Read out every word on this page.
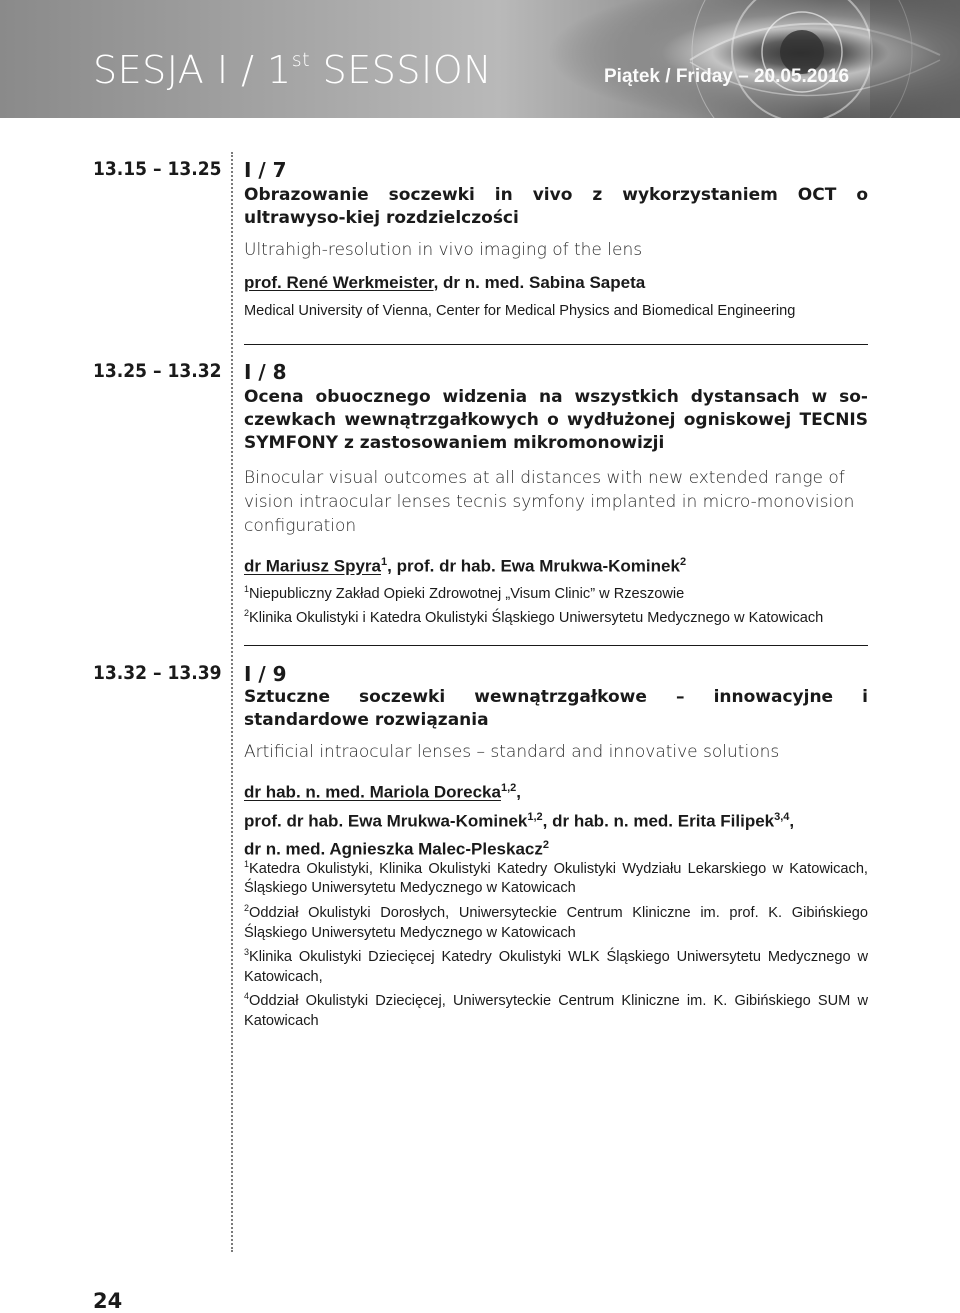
SESJA I / 1st SESSION	Piątek / Friday – 20.05.2016
13.15 – 13.25 I / 7
Obrazowanie soczewki in vivo z wykorzystaniem OCT o ultrawyso-kiej rozdzielczości
Ultrahigh-resolution in vivo imaging of the lens
prof. René Werkmeister, dr n. med. Sabina Sapeta
Medical University of Vienna, Center for Medical Physics and Biomedical Engineering
13.25 – 13.32 I / 8
Ocena obuocznego widzenia na wszystkich dystansach w so-czewkach wewnątrzgałkowych o wydłużonej ogniskowej TECNIS SYMFONY z zastosowaniem mikromonowizji
Binocular visual outcomes at all distances with new extended range of vision intraocular lenses tecnis symfony implanted in micro-monovision configuration
dr Mariusz Spyra$^1$, prof. dr hab. Ewa Mrukwa-Kominek$^2$
$^1$Niepubliczny Zakład Opieki Zdrowotnej „Visum Clinic” w Rzeszowie
$^2$Klinika Okulistyki i Katedra Okulistyki Śląskiego Uniwersytetu Medycznego w Katowicach
13.32 – 13.39 I / 9
Sztuczne soczewki wewnątrzgałkowe – innowacyjne i standardowe rozwiązania
Artificial intraocular lenses – standard and innovative solutions
dr hab. n. med. Mariola Dorecka$^{1,2}$,
prof. dr hab. Ewa Mrukwa-Kominek$^{1,2}$, dr hab. n. med. Erita Filipek$^{3,4}$,
dr n. med. Agnieszka Malec-Pleskacz$^2$
$^1$Katedra Okulistyki, Klinika Okulistyki Katedry Okulistyki Wydziału Lekarskiego w Katowicach, Śląskiego Uniwersytetu Medycznego w Katowicach
$^2$Oddział Okulistyki Dorosłych, Uniwersyteckie Centrum Kliniczne im. prof. K. Gibińskiego Śląskiego Uniwersytetu Medycznego w Katowicach
$^3$Klinika Okulistyki Dziecięcej Katedry Okulistyki WLK Śląskiego Uniwersytetu Medycznego w Katowicach,
$^4$Oddział Okulistyki Dziecięcej, Uniwersyteckie Centrum Kliniczne im. K. Gibińskiego SUM w Katowicach
24
